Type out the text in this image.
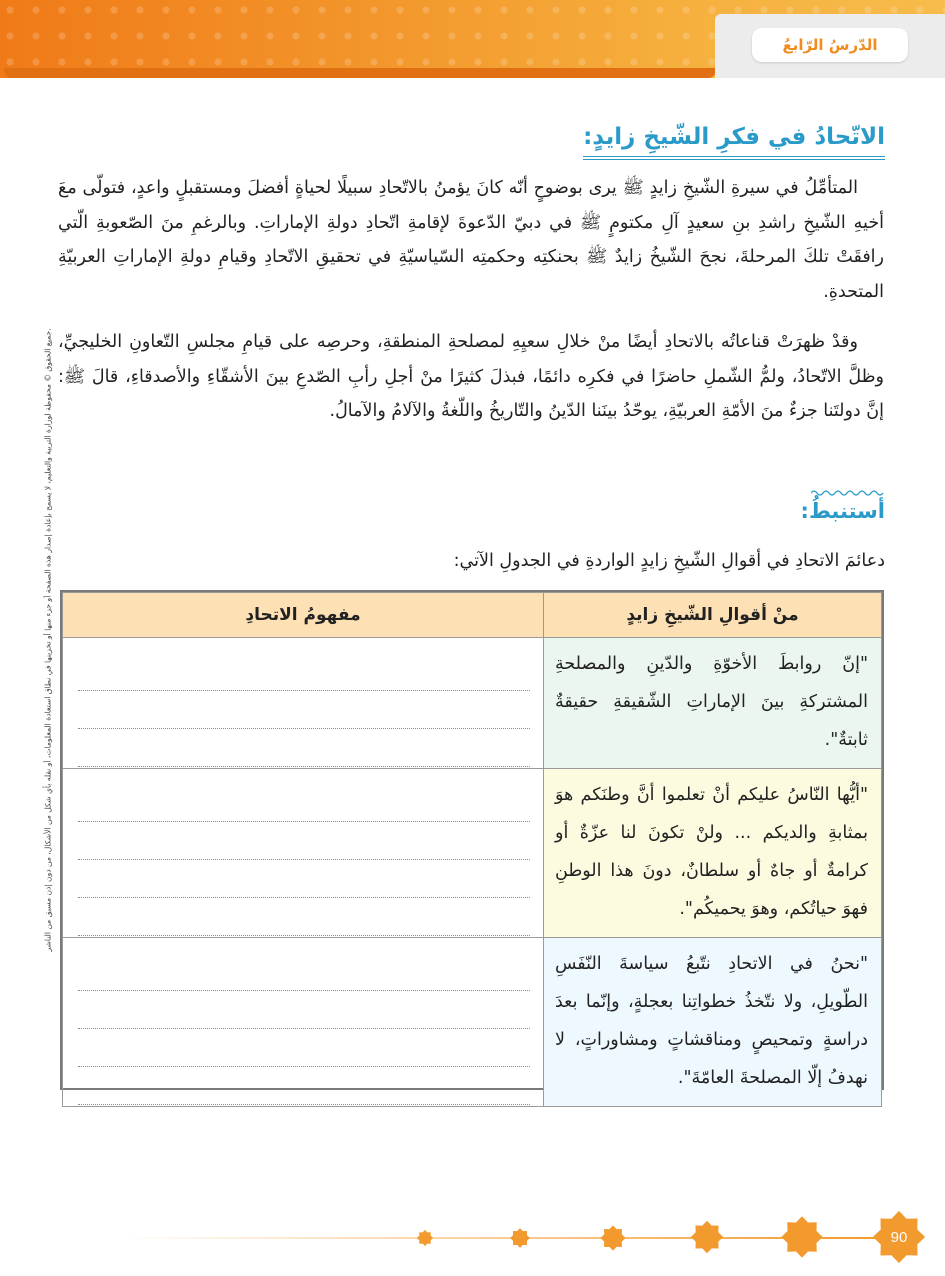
الدّرسُ الرّابعُ
الاتّحادُ في فكرِ الشّيخِ زايدٍ:
المتأمِّلُ في سيرةِ الشّيخِ زايدٍ ﷺ يرى بوضوحٍ أنّه كانَ يؤمنُ بالاتّحادِ سبيلًا لحياةٍ أفضلَ ومستقبلٍ واعدٍ، فتولّى معَ أخيهِ الشّيخِ راشدِ بنِ سعيدٍ آلِ مكتومٍ ﷺ في دبيّ الدّعوةَ لإقامةِ اتّحادِ دولةِ الإماراتِ. وبالرغمِ منَ الصّعوبةِ الّتي رافقَتْ تلكَ المرحلةَ، نجحَ الشّيخُ زايدٌ ﷺ بحنكتِه وحكمتِه السّياسيّةِ في تحقيقِ الاتّحادِ وقيامِ دولةِ الإماراتِ العربيّةِ المتحدةِ.
وقدْ ظهرَتْ قناعاتُه بالاتحادِ أيضًا منْ خلالِ سعيِهِ لمصلحةِ المنطقةِ، وحرصِه على قيامِ مجلسِ التّعاونِ الخليجيِّ، وظلَّ الاتّحادُ، ولمُّ الشّملِ حاضرًا في فكرِه دائمًا، فبذلَ كثيرًا منْ أجلِ رأبِ الصّدعِ بينَ الأشقّاءِ والأصدقاءِ، قالَ ﷺ: إنَّ دولتَنا جزءٌ منَ الأمّةِ العربيّةِ، يوحّدُ بينَنا الدّينُ والتّاريخُ واللّغةُ والآلامُ والآمالُ.
أستنبطُ:
دعائمَ الاتحادِ في أقوالِ الشّيخِ زايدٍ الواردةِ في الجدولِ الآتي:
جميع الحقوق © محفوظة لوزارة التربية والتعليم، لا يسمح بإعادة إصدار هذه الصفحة أو جزء منها أو تخزينها في نطاق استعادة المعلومات، أو نقله بأي شكل من الأشكال، من دون إذن مسبق من الناشر.
منْ أقوالِ الشّيخِ زايدٍ	مفهومُ الاتحادِ

"إنّ روابطَ الأخوّةِ والدّينِ والمصلحةِ المشتركةِ بينَ الإماراتِ الشّقيقةِ حقيقةٌ ثابتةٌ".	

"أيُّها النّاسُ عليكم أنْ تعلموا أنَّ وطنَكم هوَ بمثابةِ والديكم ... ولنْ تكونَ لنا عزّةٌ أو كرامةٌ أو جاهٌ أو سلطانٌ، دونَ هذا الوطنِ فهوَ حياتُكم، وهوَ يحميكُم".	

"نحنُ في الاتحادِ نتّبعُ سياسةَ النّفَسِ الطّويلِ، ولا نتّخذُ خطواتِنا بعجلةٍ، وإنّما بعدَ دراسةٍ وتمحيصٍ ومناقشاتٍ ومشاوراتٍ، لا نهدفُ إلّا المصلحةَ العامّةَ".	

90
